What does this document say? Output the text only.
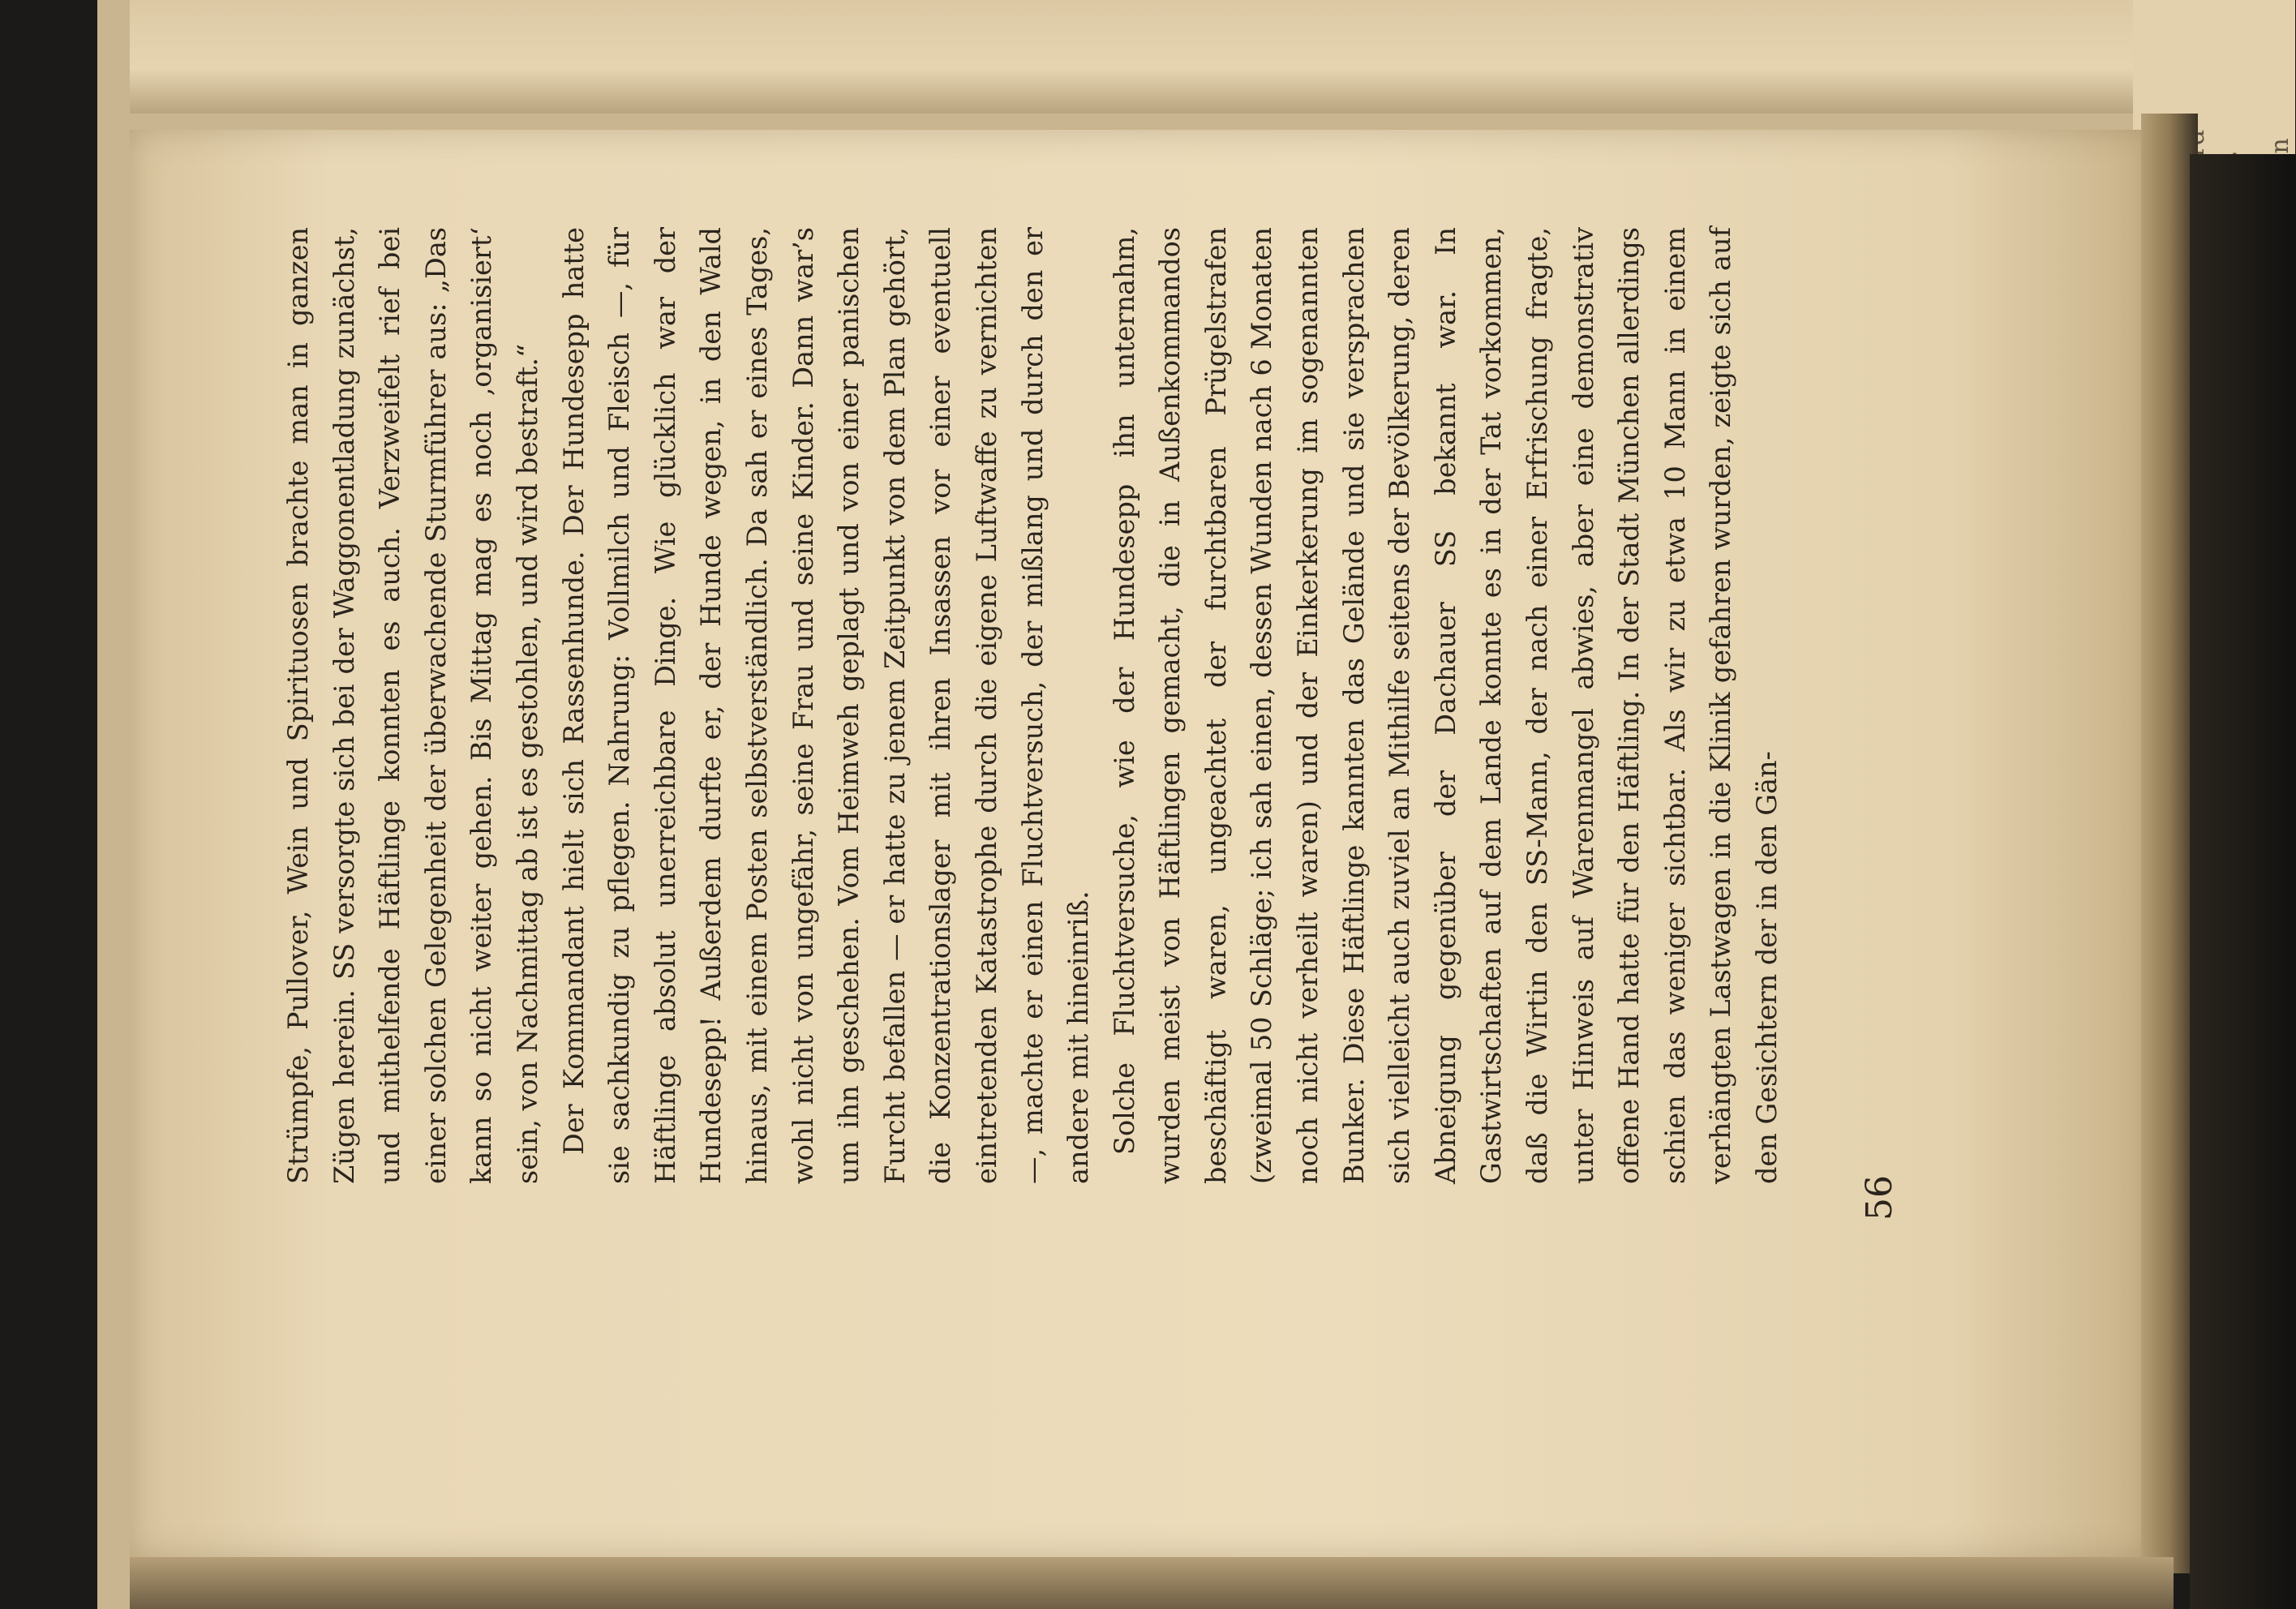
Strümpfe, Pullover, Wein und Spirituosen brachte man in ganzen Zügen herein. SS versorgte sich bei der Waggonentladung zunächst, und mithelfende Häftlinge konnten es auch. Verzweifelt rief bei einer solchen Gelegenheit der überwachende Sturmführer aus: „Das kann so nicht weiter gehen. Bis Mittag mag es noch ‚organisiert‘ sein, von Nachmittag ab ist es gestohlen, und wird bestraft.“ Der Kommandant hielt sich Rassenhunde. Der Hundesepp hatte sie sachkundig zu pflegen. Nahrung: Vollmilch und Fleisch —, für Häftlinge absolut unerreichbare Dinge. Wie glücklich war der Hundesepp! Außerdem durfte er, der Hunde wegen, in den Wald hinaus, mit einem Posten selbstverständlich. Da sah er eines Tages, wohl nicht von ungefähr, seine Frau und seine Kinder. Dann war’s um ihn geschehen. Vom Heimweh geplagt und von einer panischen Furcht befallen — er hatte zu jenem Zeitpunkt von dem Plan gehört, die Konzentrationslager mit ihren Insassen vor einer eventuell eintretenden Katastrophe durch die eigene Luftwaffe zu vernichten —, machte er einen Fluchtversuch, der mißlang und durch den er andere mit hineinriß. Solche Fluchtversuche, wie der Hundesepp ihn unternahm, wurden meist von Häftlingen gemacht, die in Außenkommandos beschäftigt waren, ungeachtet der furchtbaren Prügelstrafen (zweimal 50 Schläge; ich sah einen, dessen Wunden nach 6 Monaten noch nicht verheilt waren) und der Einkerkerung im sogenannten Bunker. Diese Häftlinge kannten das Gelände und sie versprachen sich vielleicht auch zuviel an Mithilfe seitens der Bevölkerung, deren Abneigung gegenüber der Dachauer SS bekannt war. In Gastwirtschaften auf dem Lande konnte es in der Tat vorkommen, daß die Wirtin den SS-Mann, der nach einer Erfrischung fragte, unter Hinweis auf Warenmangel abwies, aber eine demonstrativ offene Hand hatte für den Häftling. In der Stadt München allerdings schien das weniger sichtbar. Als wir zu etwa 10 Mann in einem verhängten Lastwagen in die Klinik gefahren wurden, zeigte sich auf den Gesichtern der in den Gän-

56
